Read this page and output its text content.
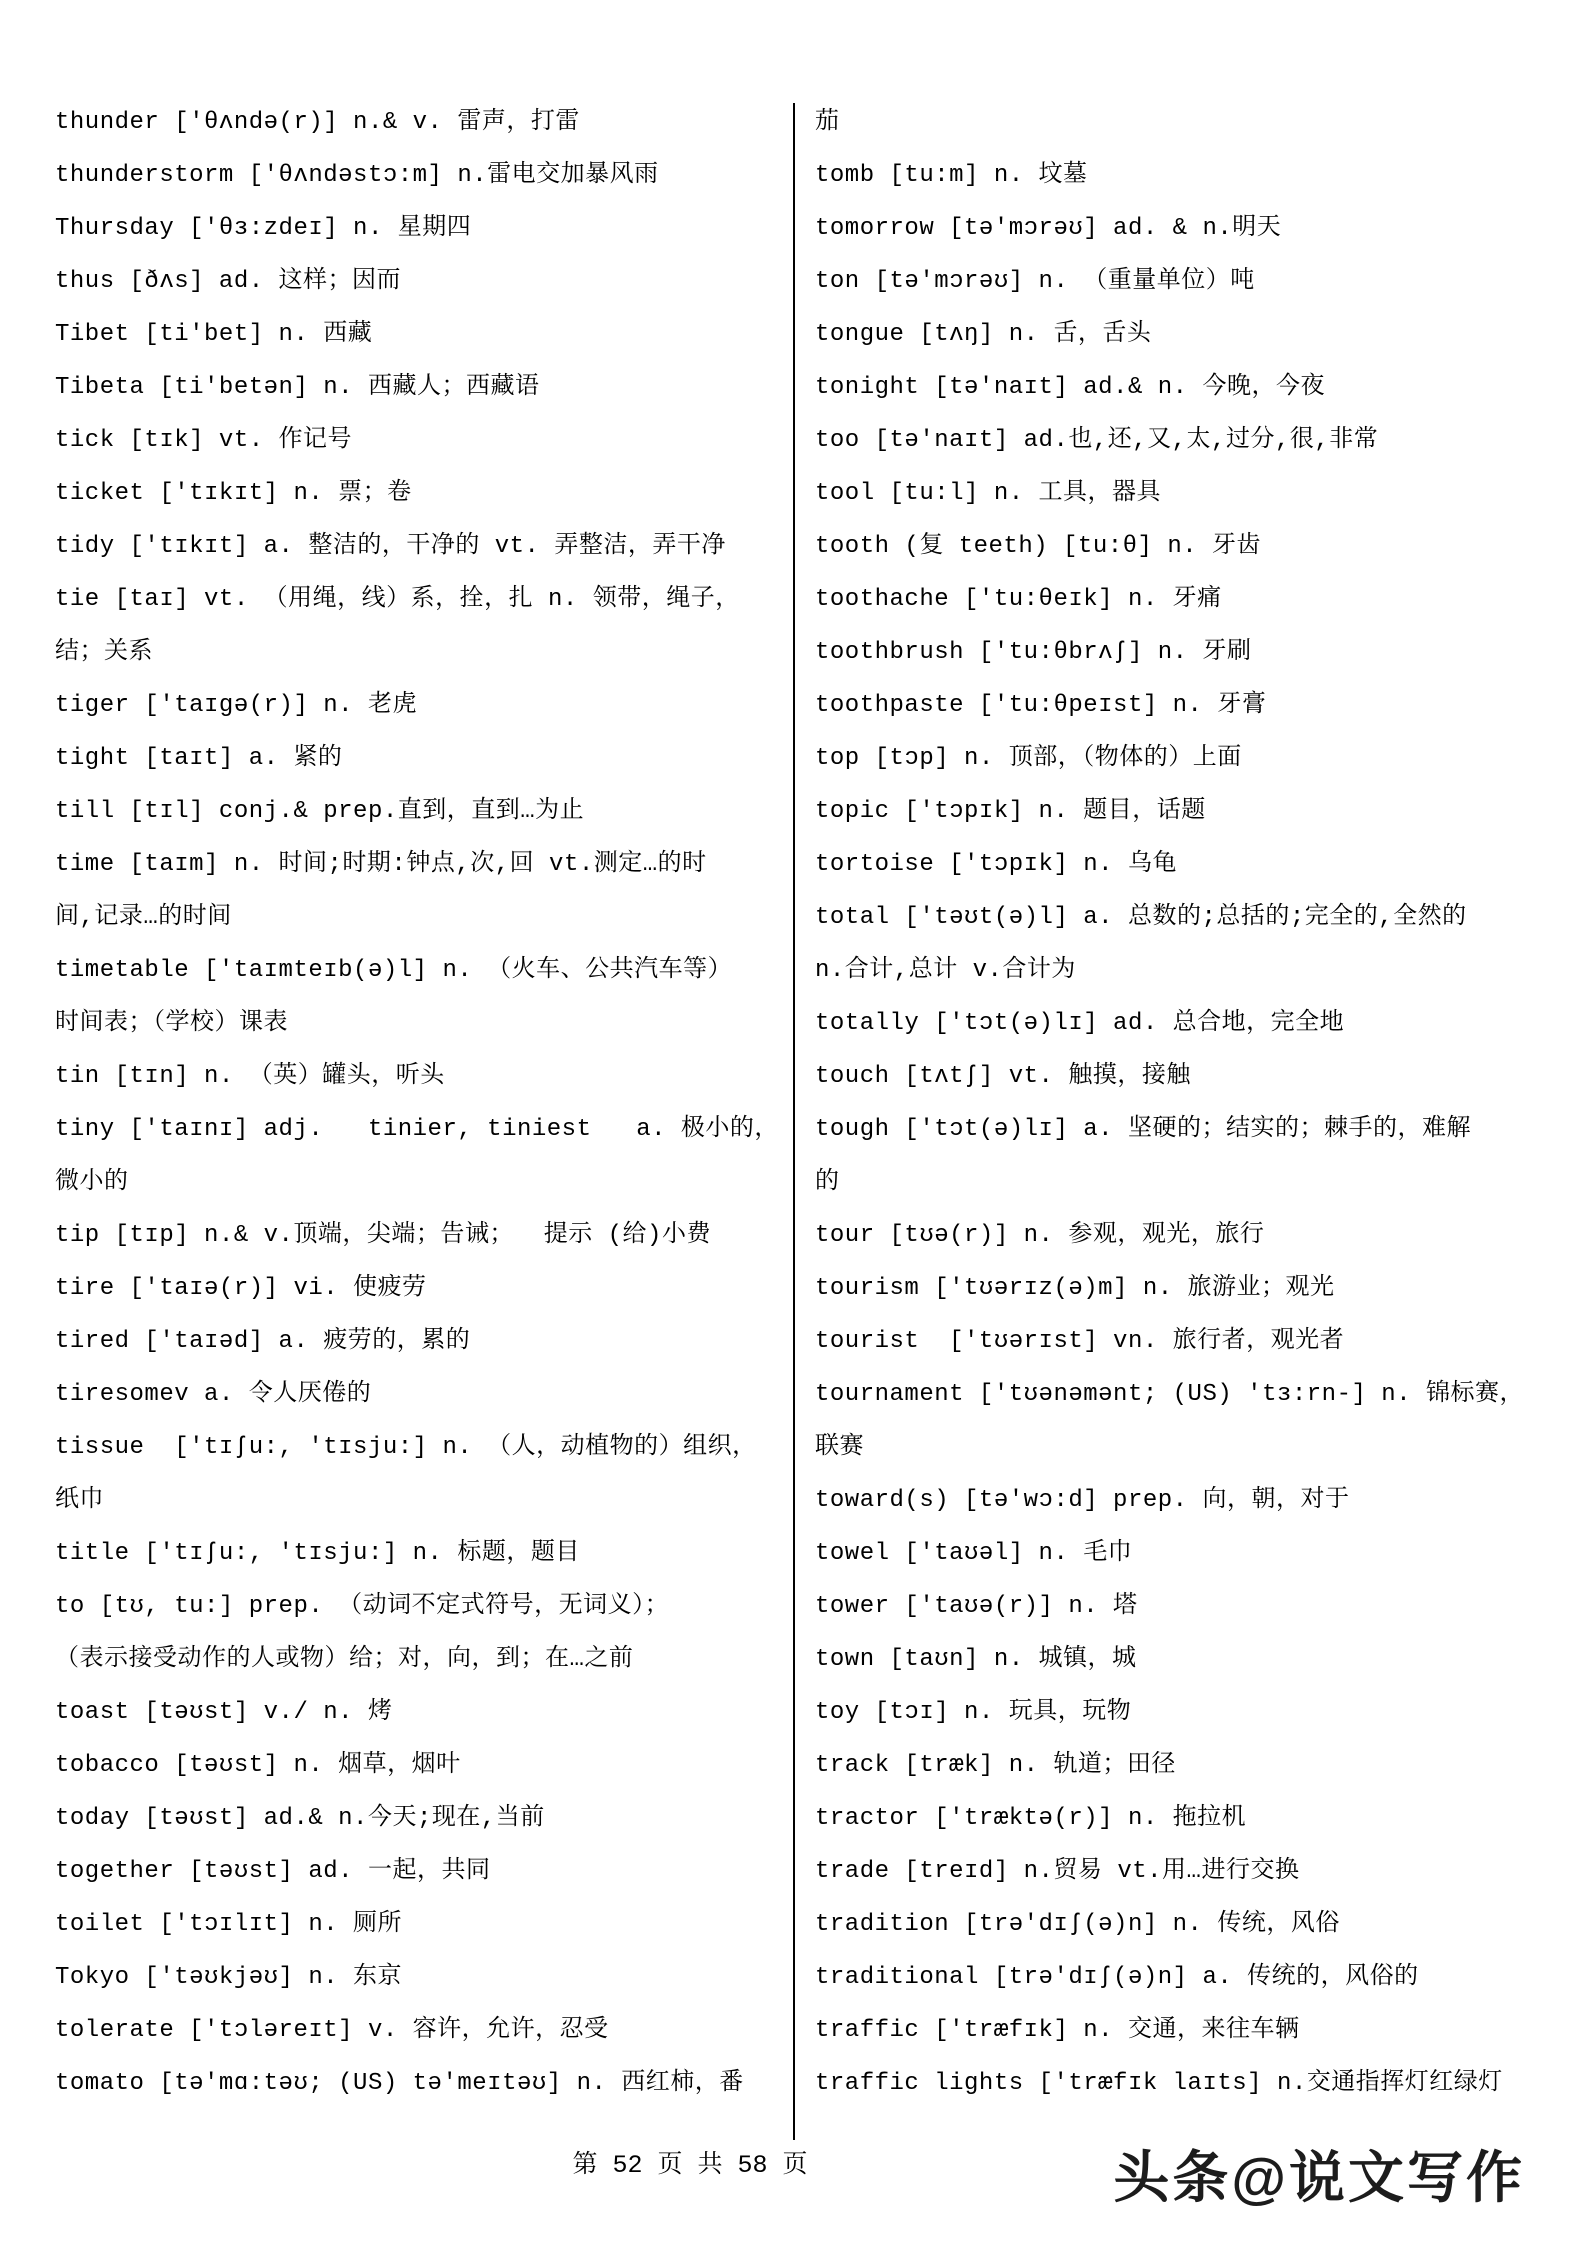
thunder ['θʌndə(r)] n.& v. 雷声，打雷
thunderstorm ['θʌndəstɔ:m] n.雷电交加暴风雨
Thursday ['θɜ:zdeɪ] n. 星期四
thus [ðʌs] ad. 这样；因而
Tibet [ti'bet] n. 西藏
Tibeta [ti'betən] n. 西藏人；西藏语
tick [tɪk] vt. 作记号
ticket ['tɪkɪt] n. 票；卷
tidy ['tɪkɪt] a. 整洁的，干净的 vt. 弄整洁，弄干净
tie [taɪ] vt. （用绳，线）系，拴，扎 n. 领带，绳子，
结；关系
tiger ['taɪgə(r)] n. 老虎
tight [taɪt] a. 紧的
till [tɪl] conj.& prep.直到，直到…为止
time [taɪm] n. 时间;时期:钟点,次,回 vt.测定…的时
间,记录…的时间
timetable ['taɪmteɪb(ə)l] n. （火车、公共汽车等）
时间表；（学校）课表
tin [tɪn] n. （英）罐头，听头
tiny ['taɪnɪ] adj.   tinier, tiniest   a. 极小的，
微小的
tip [tɪp] n.& v.顶端，尖端；告诫；  提示 (给)小费
tire ['taɪə(r)] vi. 使疲劳
tired ['taɪəd] a. 疲劳的，累的
tiresomev a. 令人厌倦的
tissue  ['tɪʃu:, 'tɪsju:] n. （人，动植物的）组织，
纸巾
title ['tɪʃu:, 'tɪsju:] n. 标题，题目
to [tʊ, tu:] prep. （动词不定式符号，无词义）；
（表示接受动作的人或物）给；对，向，到；在…之前
toast [təʊst] v./ n. 烤
tobacco [təʊst] n. 烟草，烟叶
today [təʊst] ad.& n.今天;现在,当前
together [təʊst] ad. 一起，共同
toilet ['tɔɪlɪt] n. 厕所
Tokyo ['təʊkjəʊ] n. 东京
tolerate ['tɔləreɪt] v. 容许，允许，忍受
tomato [tə'mɑ:təʊ; (US) tə'meɪtəʊ] n. 西红柿，番
茄
tomb [tu:m] n. 坟墓
tomorrow [tə'mɔrəʊ] ad. & n.明天
ton [tə'mɔrəʊ] n. （重量单位）吨
tongue [tʌŋ] n. 舌，舌头
tonight [tə'naɪt] ad.& n. 今晚，今夜
too [tə'naɪt] ad.也,还,又,太,过分,很,非常
tool [tu:l] n. 工具，器具
tooth (复 teeth) [tu:θ] n. 牙齿
toothache ['tu:θeɪk] n. 牙痛
toothbrush ['tu:θbrʌʃ] n. 牙刷
toothpaste ['tu:θpeɪst] n. 牙膏
top [tɔp] n. 顶部，（物体的）上面
topic ['tɔpɪk] n. 题目，话题
tortoise ['tɔpɪk] n. 乌龟
total ['təʊt(ə)l] a. 总数的;总括的;完全的,全然的
n.合计,总计 v.合计为
totally ['tɔt(ə)lɪ] ad. 总合地，完全地
touch [tʌtʃ] vt. 触摸，接触
tough ['tɔt(ə)lɪ] a. 坚硬的；结实的；棘手的，难解
的
tour [tʊə(r)] n. 参观，观光，旅行
tourism ['tʊərɪz(ə)m] n. 旅游业；观光
tourist  ['tʊərɪst] vn. 旅行者，观光者
tournament ['tʊənəmənt; (US) 'tɜ:rn-] n. 锦标赛，
联赛
toward(s) [tə'wɔ:d] prep. 向，朝，对于
towel ['taʊəl] n. 毛巾
tower ['taʊə(r)] n. 塔
town [taʊn] n. 城镇，城
toy [tɔɪ] n. 玩具，玩物
track [træk] n. 轨道；田径
tractor ['træktə(r)] n. 拖拉机
trade [treɪd] n.贸易 vt.用…进行交换
tradition [trə'dɪʃ(ə)n] n. 传统，风俗
traditional [trə'dɪʃ(ə)n] a. 传统的，风俗的
traffic ['træfɪk] n. 交通，来往车辆
traffic lights ['træfɪk laɪts] n.交通指挥灯红绿灯
第 52 页 共 58 页	头条@说文写作
